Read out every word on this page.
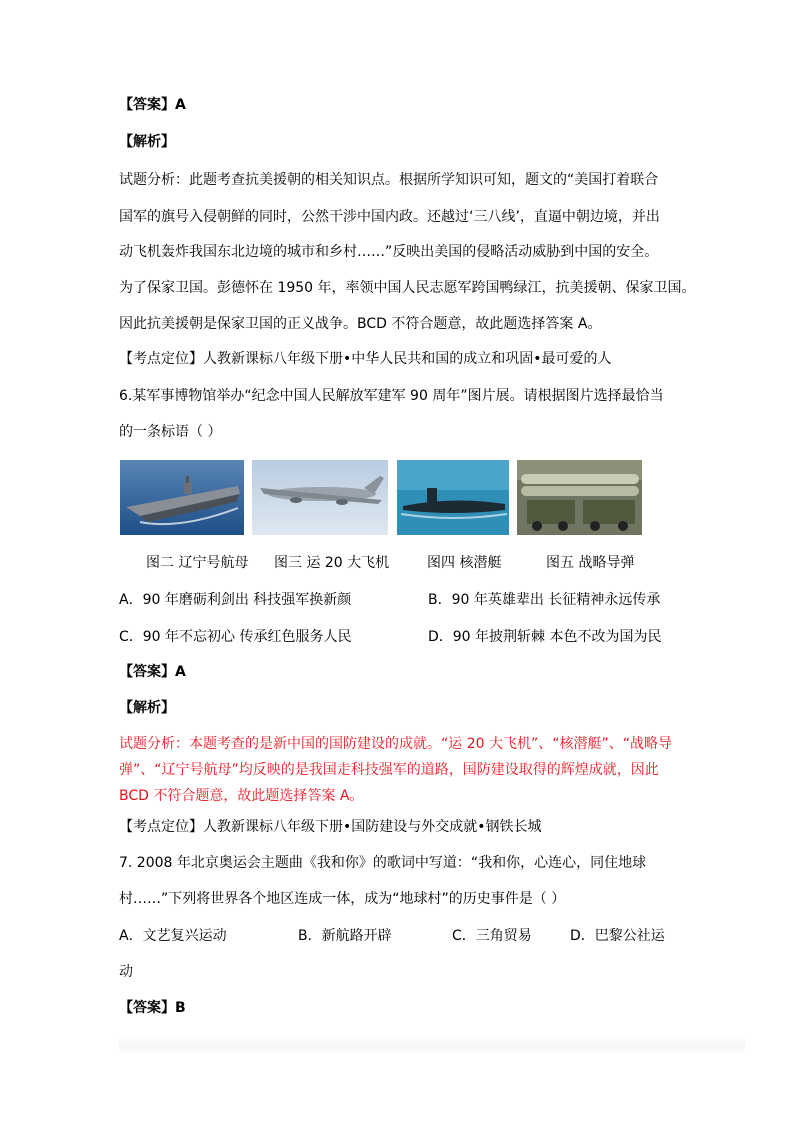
【答案】A
【解析】
试题分析：此题考查抗美援朝的相关知识点。根据所学知识可知，题文的“美国打着联合
国军的旗号入侵朝鲜的同时，公然干涉中国内政。还越过‘三八线’，直逼中朝边境，并出
动飞机轰炸我国东北边境的城市和乡村……”反映出美国的侵略活动威胁到中国的安全。
为了保家卫国。彭德怀在 1950 年，率领中国人民志愿军跨国鸭绿江，抗美援朝、保家卫国。
因此抗美援朝是保家卫国的正义战争。BCD 不符合题意，故此题选择答案 A。
【考点定位】人教新课标八年级下册•中华人民共和国的成立和巩固•最可爱的人
6.某军事博物馆举办“纪念中国人民解放军建军 90 周年”图片展。请根据图片选择最恰当
的一条标语（ ）
图二 辽宁号航母 图三 运 20 大飞机	图四 核潜艇	图五 战略导弹
A．90 年磨砺利剑出 科技强军换新颜	B．90 年英雄辈出 长征精神永远传承
C．90 年不忘初心 传承红色服务人民	D．90 年披荆斩棘 本色不改为国为民
【答案】A
【解析】
试题分析：本题考查的是新中国的国防建设的成就。“运 20 大飞机”、“核潜艇”、“战略导弹”、“辽宁号航母”均反映的是我国走科技强军的道路，国防建设取得的辉煌成就，因此 BCD 不符合题意，故此题选择答案 A。
【考点定位】人教新课标八年级下册•国防建设与外交成就•钢铁长城
7. 2008 年北京奥运会主题曲《我和你》的歌词中写道：“我和你，心连心，同住地球
村……”下列将世界各个地区连成一体，成为“地球村”的历史事件是（ ）
A．文艺复兴运动	B．新航路开辟	C．三角贸易	D．巴黎公社运
动
【答案】B
